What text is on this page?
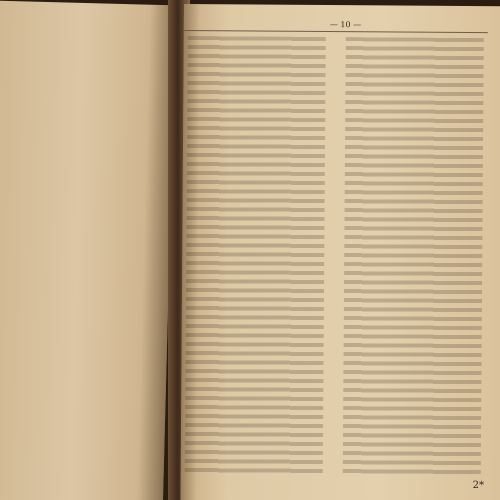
— 10 —
2*
